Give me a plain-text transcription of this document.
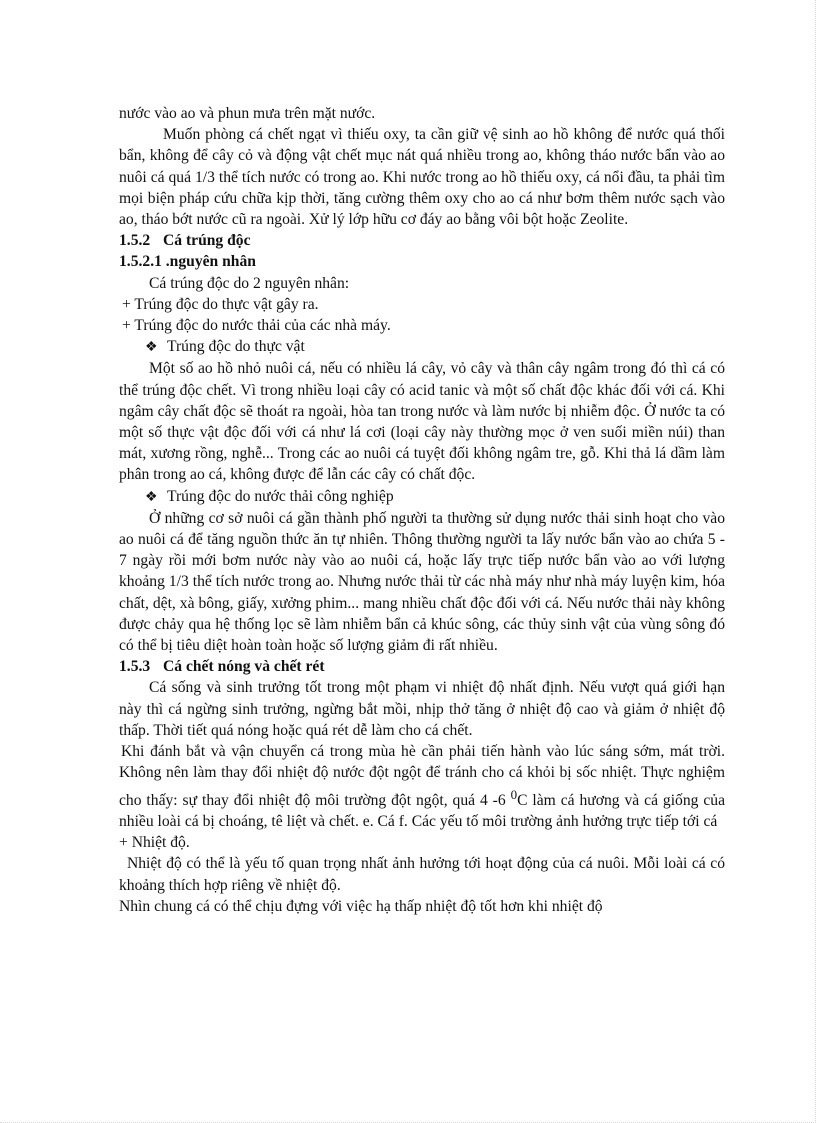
nước vào ao và phun mưa trên mặt nước.

Muốn phòng cá chết ngạt vì thiếu oxy, ta cần giữ vệ sinh ao hồ không để nước quá thối bẩn, không để cây cỏ và động vật chết mục nát quá nhiều trong ao, không tháo nước bẩn vào ao nuôi cá quá 1/3 thể tích nước có trong ao. Khi nước trong ao hồ thiếu oxy, cá nổi đầu, ta phải tìm mọi biện pháp cứu chữa kịp thời, tăng cường thêm oxy cho ao cá như bơm thêm nước sạch vào ao, tháo bớt nước cũ ra ngoài. Xử lý lớp hữu cơ đáy ao bằng vôi bột hoặc Zeolite.

1.5.2 Cá trúng độc

1.5.2.1 .nguyên nhân

Cá trúng độc do 2 nguyên nhân:

+ Trúng độc do thực vật gây ra.

+ Trúng độc do nước thải của các nhà máy.

❖ Trúng độc do thực vật

Một số ao hồ nhỏ nuôi cá, nếu có nhiều lá cây, vỏ cây và thân cây ngâm trong đó thì cá có thể trúng độc chết. Vì trong nhiều loại cây có acid tanic và một số chất độc khác đối với cá. Khi ngâm cây chất độc sẽ thoát ra ngoài, hòa tan trong nước và làm nước bị nhiễm độc. Ở nước ta có một số thực vật độc đối với cá như lá cơi (loại cây này thường mọc ở ven suối miền núi) than mát, xương rồng, nghễ... Trong các ao nuôi cá tuyệt đối không ngâm tre, gỗ. Khi thả lá dầm làm phân trong ao cá, không được để lẫn các cây có chất độc.

❖ Trúng độc do nước thải công nghiệp

Ở những cơ sở nuôi cá gần thành phố người ta thường sử dụng nước thải sinh hoạt cho vào ao nuôi cá để tăng nguồn thức ăn tự nhiên. Thông thường người ta lấy nước bẩn vào ao chứa 5 - 7 ngày rồi mới bơm nước này vào ao nuôi cá, hoặc lấy trực tiếp nước bẩn vào ao với lượng khoảng 1/3 thể tích nước trong ao. Nhưng nước thải từ các nhà máy như nhà máy luyện kim, hóa chất, dệt, xà bông, giấy, xưởng phim... mang nhiều chất độc đối với cá. Nếu nước thải này không được chảy qua hệ thống lọc sẽ làm nhiễm bẩn cả khúc sông, các thủy sinh vật của vùng sông đó có thể bị tiêu diệt hoàn toàn hoặc số lượng giảm đi rất nhiều.

1.5.3 Cá chết nóng và chết rét

Cá sống và sinh trưởng tốt trong một phạm vi nhiệt độ nhất định. Nếu vượt quá giới hạn này thì cá ngừng sinh trưởng, ngừng bắt mồi, nhịp thở tăng ở nhiệt độ cao và giảm ở nhiệt độ thấp. Thời tiết quá nóng hoặc quá rét dễ làm cho cá chết.

Khi đánh bắt và vận chuyển cá trong mùa hè cần phải tiến hành vào lúc sáng sớm, mát trời. Không nên làm thay đổi nhiệt độ nước đột ngột để tránh cho cá khỏi bị sốc nhiệt. Thực nghiệm cho thấy: sự thay đổi nhiệt độ môi trường đột ngột, quá 4 -6 $^0$C làm cá hương và cá giống của nhiều loài cá bị choáng, tê liệt và chết. e. Cá f. Các yếu tố môi trường ảnh hưởng trực tiếp tới cá

+ Nhiệt độ.

Nhiệt độ có thể là yếu tố quan trọng nhất ảnh hưởng tới hoạt động của cá nuôi. Mỗi loài cá có khoảng thích hợp riêng về nhiệt độ.

Nhìn chung cá có thể chịu đựng với việc hạ thấp nhiệt độ tốt hơn khi nhiệt độ
